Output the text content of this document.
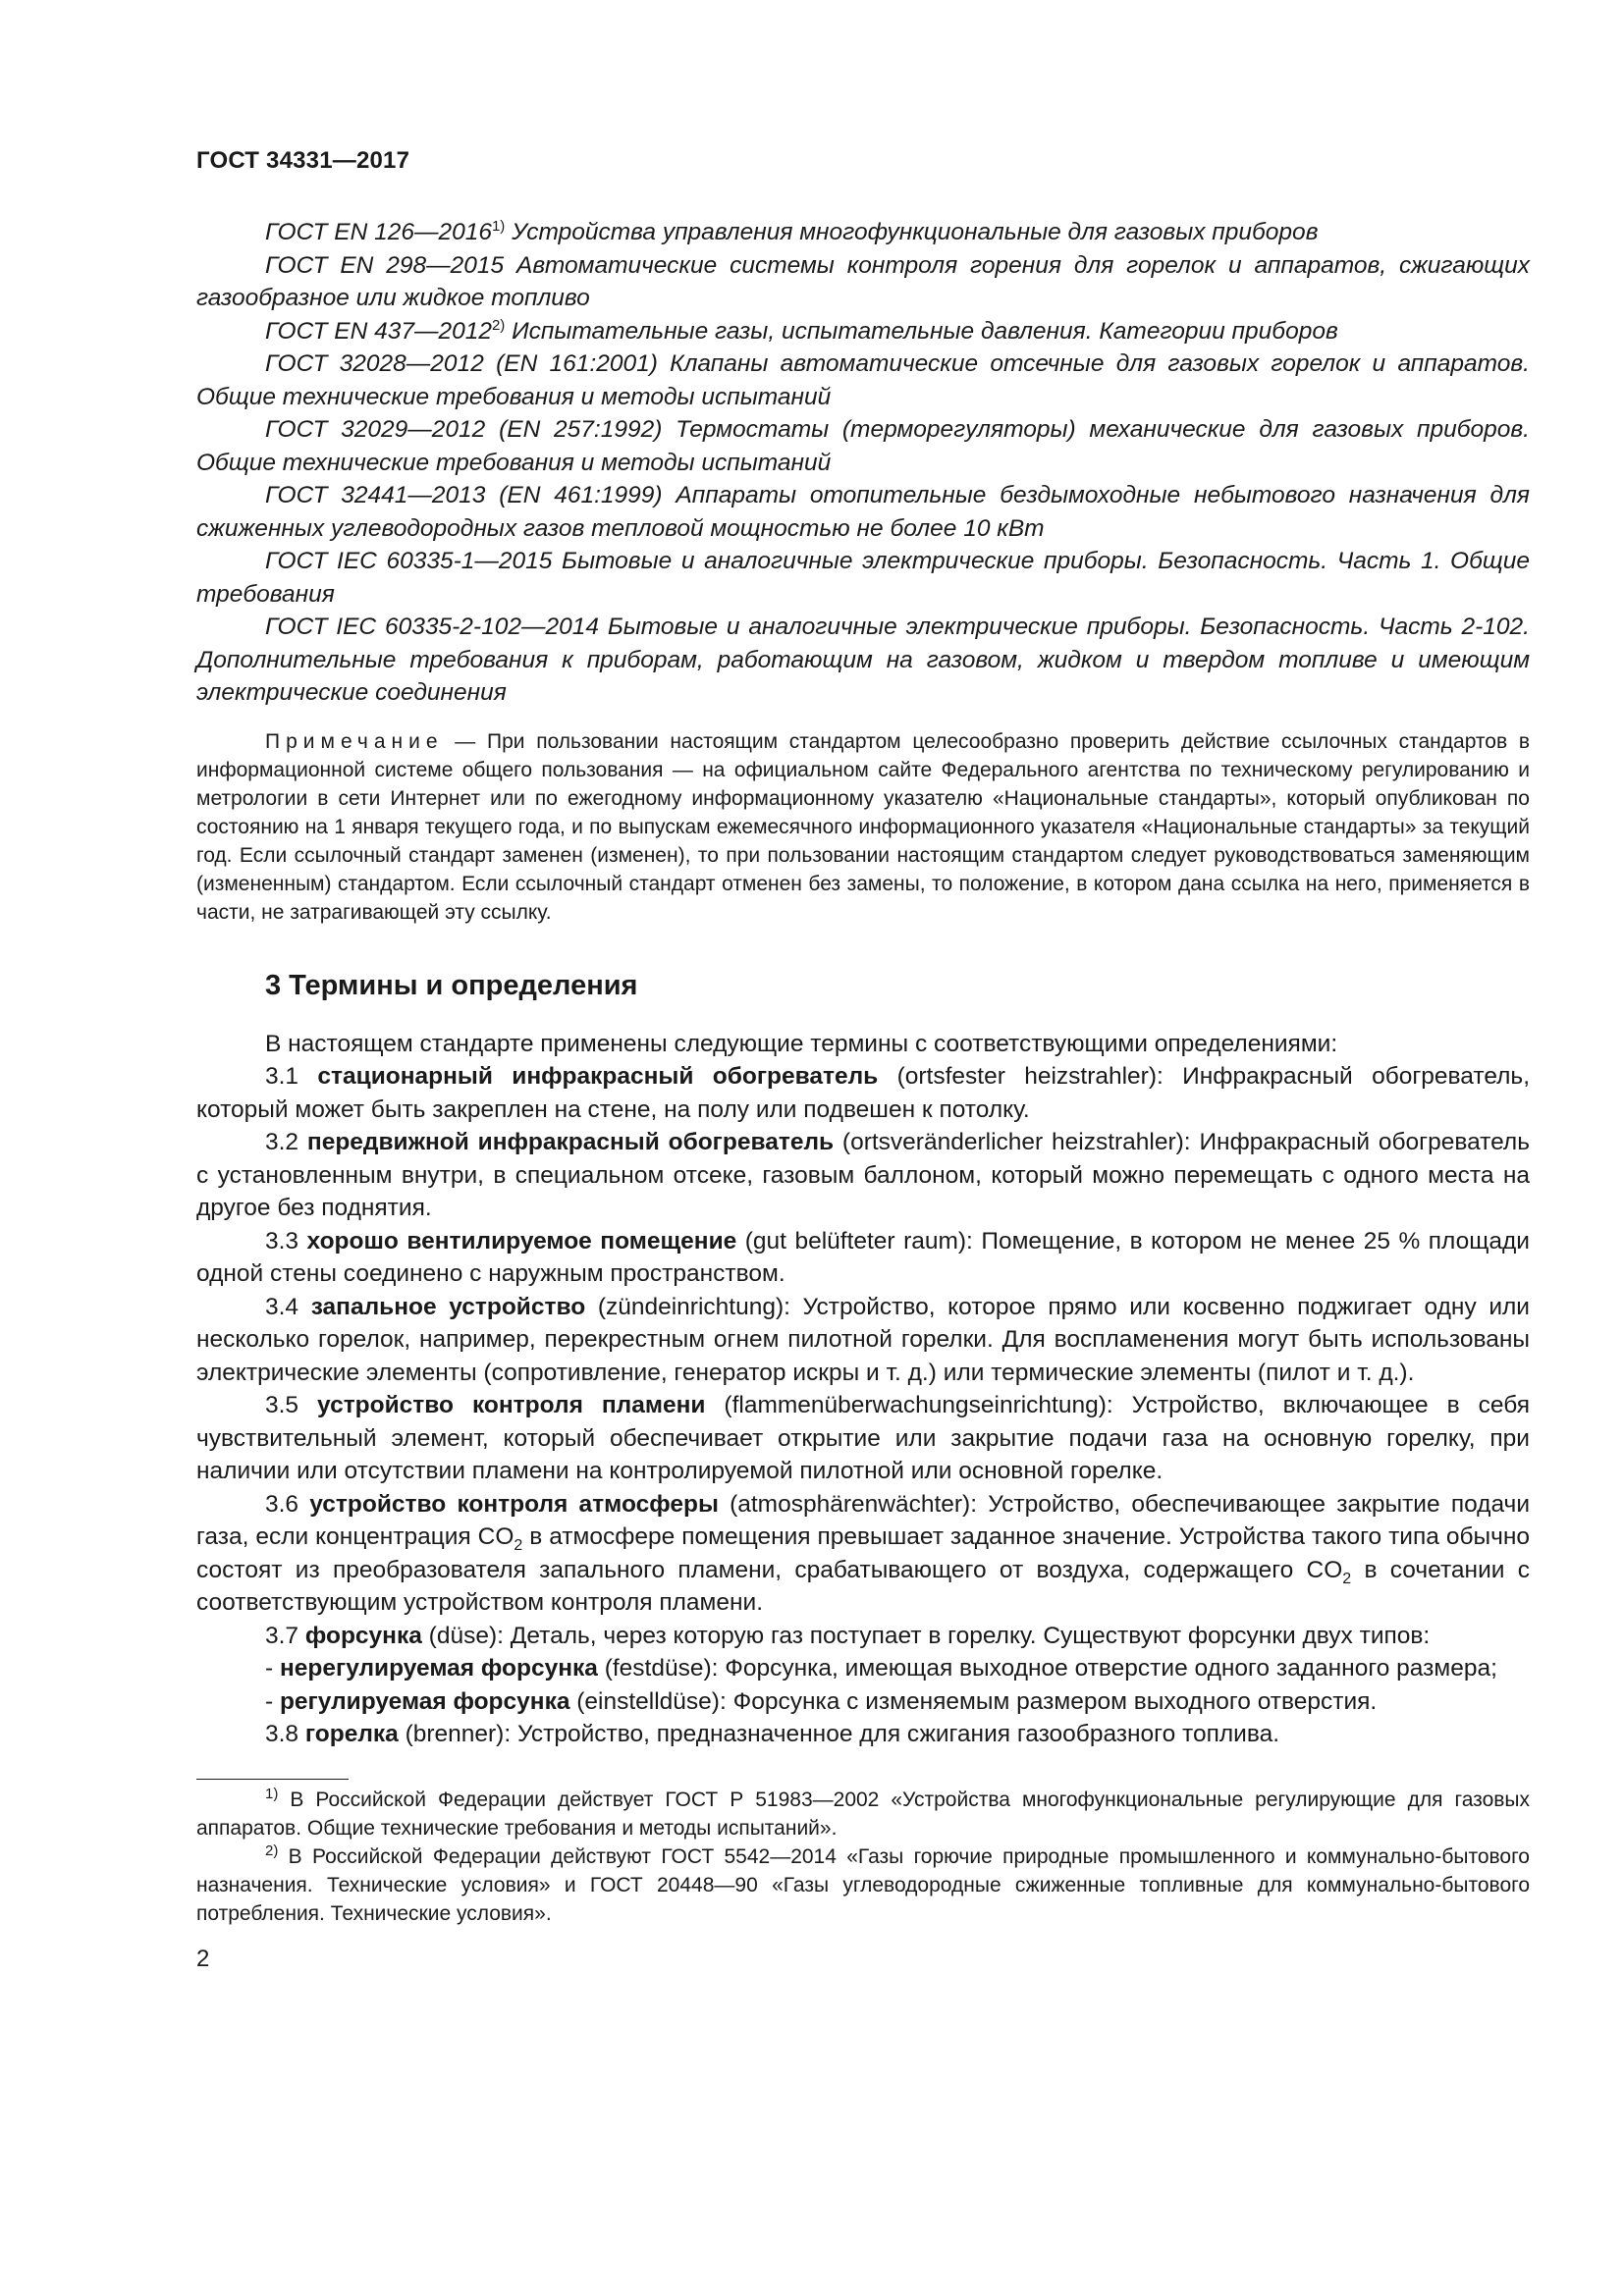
ГОСТ 34331—2017

ГОСТ EN 126—2016$^{1)}$ Устройства управления многофункциональные для газовых приборов

ГОСТ EN 298—2015 Автоматические системы контроля горения для горелок и аппаратов, сжигающих газообразное или жидкое топливо

ГОСТ EN 437—2012$^{2)}$ Испытательные газы, испытательные давления. Категории приборов

ГОСТ 32028—2012 (EN 161:2001) Клапаны автоматические отсечные для газовых горелок и аппаратов. Общие технические требования и методы испытаний

ГОСТ 32029—2012 (EN 257:1992) Термостаты (терморегуляторы) механические для газовых приборов. Общие технические требования и методы испытаний

ГОСТ 32441—2013 (EN 461:1999) Аппараты отопительные бездымоходные небытового назначения для сжиженных углеводородных газов тепловой мощностью не более 10 кВт

ГОСТ IEC 60335-1—2015 Бытовые и аналогичные электрические приборы. Безопасность. Часть 1. Общие требования

ГОСТ IEC 60335-2-102—2014 Бытовые и аналогичные электрические приборы. Безопасность. Часть 2-102. Дополнительные требования к приборам, работающим на газовом, жидком и твердом топливе и имеющим электрические соединения

Примечание — При пользовании настоящим стандартом целесообразно проверить действие ссылочных стандартов в информационной системе общего пользования — на официальном сайте Федерального агентства по техническому регулированию и метрологии в сети Интернет или по ежегодному информационному указателю «Национальные стандарты», который опубликован по состоянию на 1 января текущего года, и по выпускам ежемесячного информационного указателя «Национальные стандарты» за текущий год. Если ссылочный стандарт заменен (изменен), то при пользовании настоящим стандартом следует руководствоваться заменяющим (измененным) стандартом. Если ссылочный стандарт отменен без замены, то положение, в котором дана ссылка на него, применяется в части, не затрагивающей эту ссылку.

3 Термины и определения

В настоящем стандарте применены следующие термины с соответствующими определениями:

3.1 стационарный инфракрасный обогреватель (ortsfester heizstrahler): Инфракрасный обогреватель, который может быть закреплен на стене, на полу или подвешен к потолку.

3.2 передвижной инфракрасный обогреватель (ortsveränderlicher heizstrahler): Инфракрасный обогреватель с установленным внутри, в специальном отсеке, газовым баллоном, который можно перемещать с одного места на другое без поднятия.

3.3 хорошо вентилируемое помещение (gut belüfteter raum): Помещение, в котором не менее 25 % площади одной стены соединено с наружным пространством.

3.4 запальное устройство (zündeinrichtung): Устройство, которое прямо или косвенно поджигает одну или несколько горелок, например, перекрестным огнем пилотной горелки. Для воспламенения могут быть использованы электрические элементы (сопротивление, генератор искры и т. д.) или термические элементы (пилот и т. д.).

3.5 устройство контроля пламени (flammenüberwachungseinrichtung): Устройство, включающее в себя чувствительный элемент, который обеспечивает открытие или закрытие подачи газа на основную горелку, при наличии или отсутствии пламени на контролируемой пилотной или основной горелке.

3.6 устройство контроля атмосферы (atmosphärenwächter): Устройство, обеспечивающее закрытие подачи газа, если концентрация $CO_2$ в атмосфере помещения превышает заданное значение. Устройства такого типа обычно состоят из преобразователя запального пламени, срабатывающего от воздуха, содержащего $CO_2$ в сочетании с соответствующим устройством контроля пламени.

3.7 форсунка (düse): Деталь, через которую газ поступает в горелку. Существуют форсунки двух типов:

- нерегулируемая форсунка (festdüse): Форсунка, имеющая выходное отверстие одного заданного размера;

- регулируемая форсунка (einstelldüse): Форсунка с изменяемым размером выходного отверстия.

3.8 горелка (brenner): Устройство, предназначенное для сжигания газообразного топлива.

$^{1)}$ В Российской Федерации действует ГОСТ Р 51983—2002 «Устройства многофункциональные регулирующие для газовых аппаратов. Общие технические требования и методы испытаний».

$^{2)}$ В Российской Федерации действуют ГОСТ 5542—2014 «Газы горючие природные промышленного и коммунально-бытового назначения. Технические условия» и ГОСТ 20448—90 «Газы углеводородные сжиженные топливные для коммунально-бытового потребления. Технические условия».

2
